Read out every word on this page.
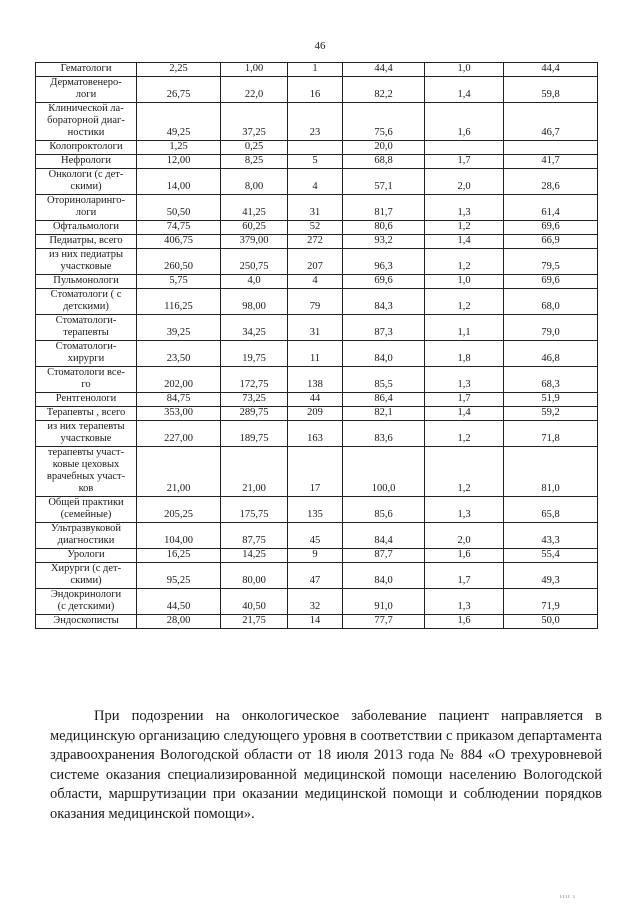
46
Гематологи	2,25	1,00	1	44,4	1,0	44,4
Дерматовенеро-
логи	26,75	22,0	16	82,2	1,4	59,8
Клинической ла-
бораторной диаг-
ностики	49,25	37,25	23	75,6	1,6	46,7
Колопроктологи	1,25	0,25		20,0		
Нефрологи	12,00	8,25	5	68,8	1,7	41,7
Онкологи (с дет-
скими)	14,00	8,00	4	57,1	2,0	28,6
Оториноларинго-
логи	50,50	41,25	31	81,7	1,3	61,4
Офтальмологи	74,75	60,25	52	80,6	1,2	69,6
Педиатры, всего	406,75	379,00	272	93,2	1,4	66,9
из них педиатры
участковые	260,50	250,75	207	96,3	1,2	79,5
Пульмонологи	5,75	4,0	4	69,6	1,0	69,6
Стоматологи ( с
детскими)	116,25	98,00	79	84,3	1,2	68,0
Стоматологи-
терапевты	39,25	34,25	31	87,3	1,1	79,0
Стоматологи-
хирурги	23,50	19,75	11	84,0	1,8	46,8
Стоматологи все-
го	202,00	172,75	138	85,5	1,3	68,3
Рентгенологи	84,75	73,25	44	86,4	1,7	51,9
Терапевты , всего	353,00	289,75	209	82,1	1,4	59,2
из них терапевты
участковые	227,00	189,75	163	83,6	1,2	71,8
терапевты участ-
ковые цеховых
врачебных участ-
ков	21,00	21,00	17	100,0	1,2	81,0
Общей практики
(семейные)	205,25	175,75	135	85,6	1,3	65,8
Ультразвуковой
диагностики	104,00	87,75	45	84,4	2,0	43,3
Урологи	16,25	14,25	9	87,7	1,6	55,4
Хирурги (с дет-
скими)	95,25	80,00	47	84,0	1,7	49,3
Эндокринологи
(с детскими)	44,50	40,50	32	91,0	1,3	71,9
Эндоскописты	28,00	21,75	14	77,7	1,6	50,0

При подозрении на онкологическое заболевание пациент направляется в медицинскую организацию следующего уровня в соответствии с приказом департамента здравоохранения Вологодской области от 18 июля 2013 года № 884 «О трехуровневой системе оказания специализированной медицинской помощи населению Вологодской области, маршрутизации при оказании медицинской помощи и соблюдении порядков оказания медицинской помощи».

ıııı ı
